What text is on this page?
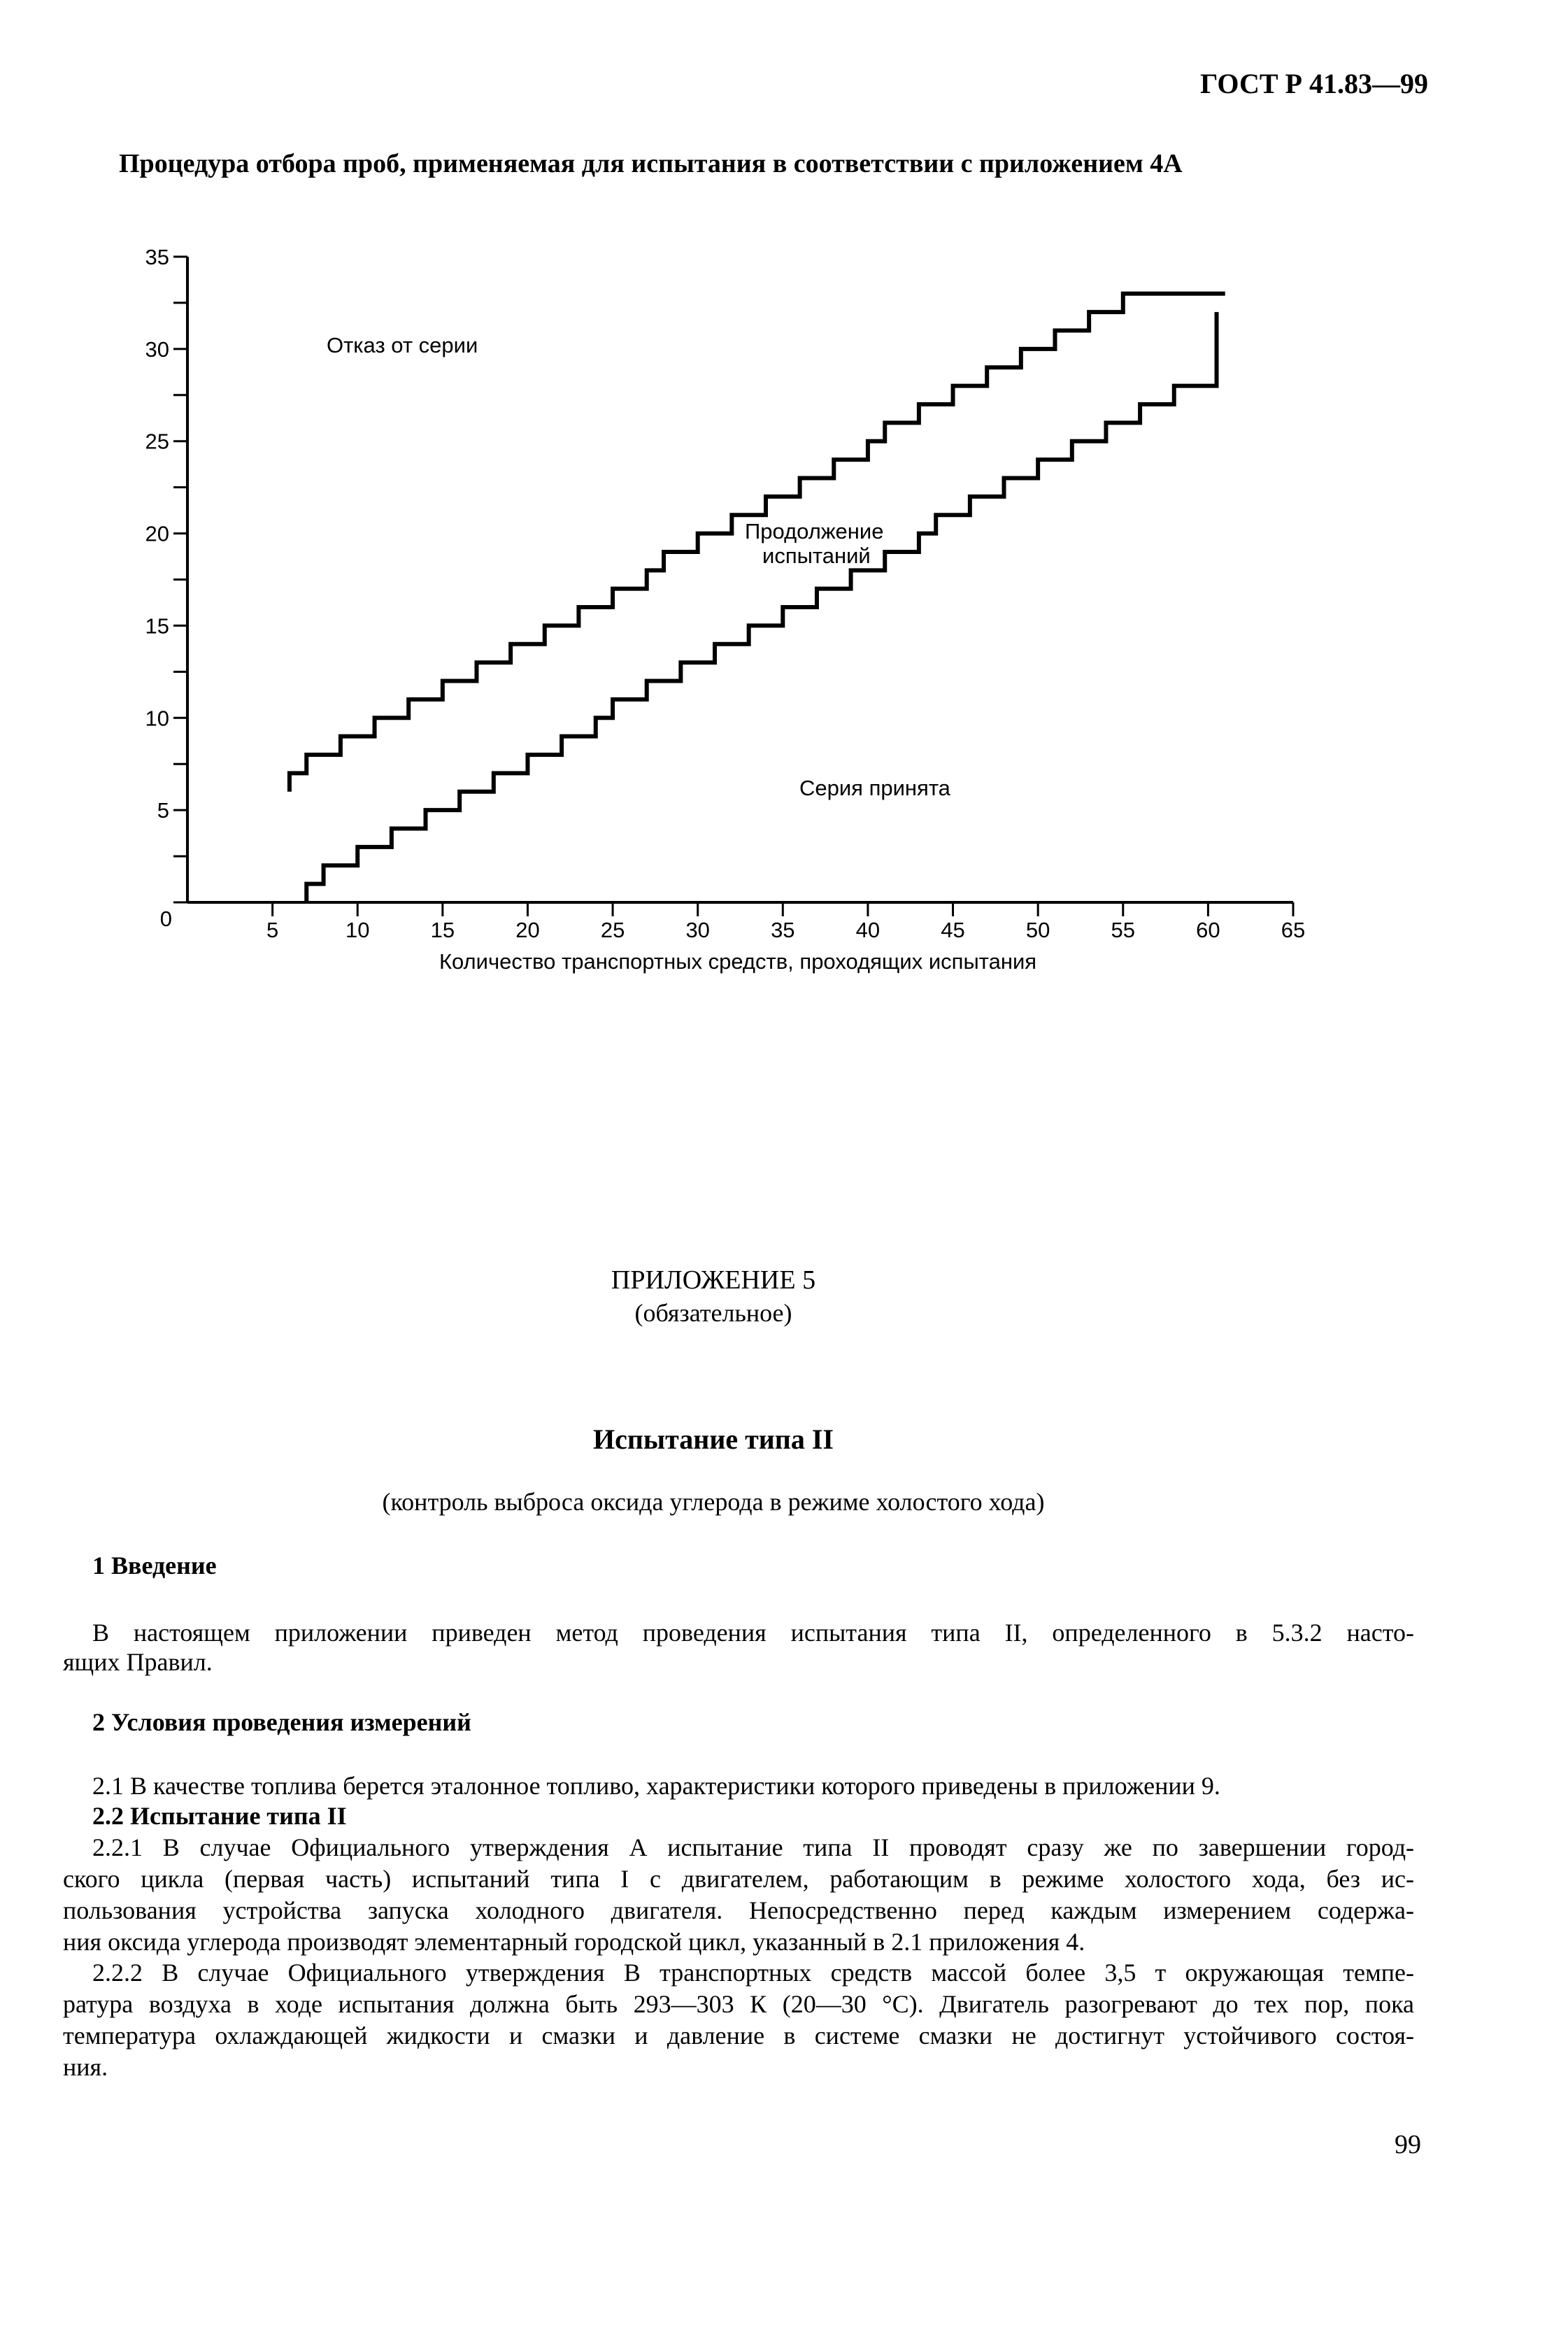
ГОСТ Р 41.83—99
Процедура отбора проб, применяемая для испытания в соответствии с приложением 4А
5
10
15
20
25
30
35
0	5	10	15	20	25	30	35	40	45	50	55	60	65
Отказ от серии
Продолжение
испытаний
Серия принята
Количество транспортных средств, проходящих испытания
ПРИЛОЖЕНИЕ 5
(обязательное)
Испытание типа II
(контроль выброса оксида углерода в режиме холостого хода)
1 Введение
В настоящем приложении приведен метод проведения испытания типа II, определенного в 5.3.2 насто-
ящих Правил.
2 Условия проведения измерений
2.1 В качестве топлива берется эталонное топливо, характеристики которого приведены в приложении 9.
2.2 Испытание типа II
2.2.1 В случае Официального утверждения А испытание типа II проводят сразу же по завершении город-
ского цикла (первая часть) испытаний типа I с двигателем, работающим в режиме холостого хода, без ис-
пользования устройства запуска холодного двигателя. Непосредственно перед каждым измерением содержа-
ния оксида углерода производят элементарный городской цикл, указанный в 2.1 приложения 4.
2.2.2 В случае Официального утверждения В транспортных средств массой более 3,5 т окружающая темпе-
ратура воздуха в ходе испытания должна быть 293—303 К (20—30 °С). Двигатель разогревают до тех пор, пока
температура охлаждающей жидкости и смазки и давление в системе смазки не достигнут устойчивого состоя-
ния.
99
